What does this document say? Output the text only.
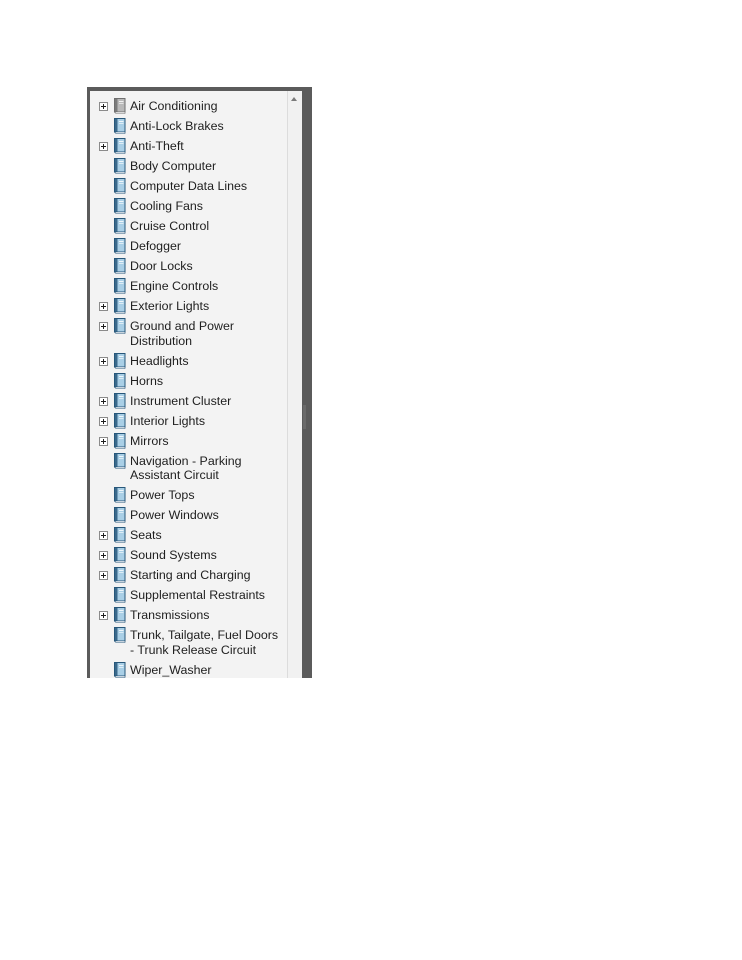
Air Conditioning
Anti-Lock Brakes
Anti-Theft
Body Computer
Computer Data Lines
Cooling Fans
Cruise Control
Defogger
Door Locks
Engine Controls
Exterior Lights
Ground and Power Distribution
Headlights
Horns
Instrument Cluster
Interior Lights
Mirrors
Navigation - Parking Assistant Circuit
Power Tops
Power Windows
Seats
Sound Systems
Starting and Charging
Supplemental Restraints
Transmissions
Trunk, Tailgate, Fuel Doors - Trunk Release Circuit
Wiper_Washer
